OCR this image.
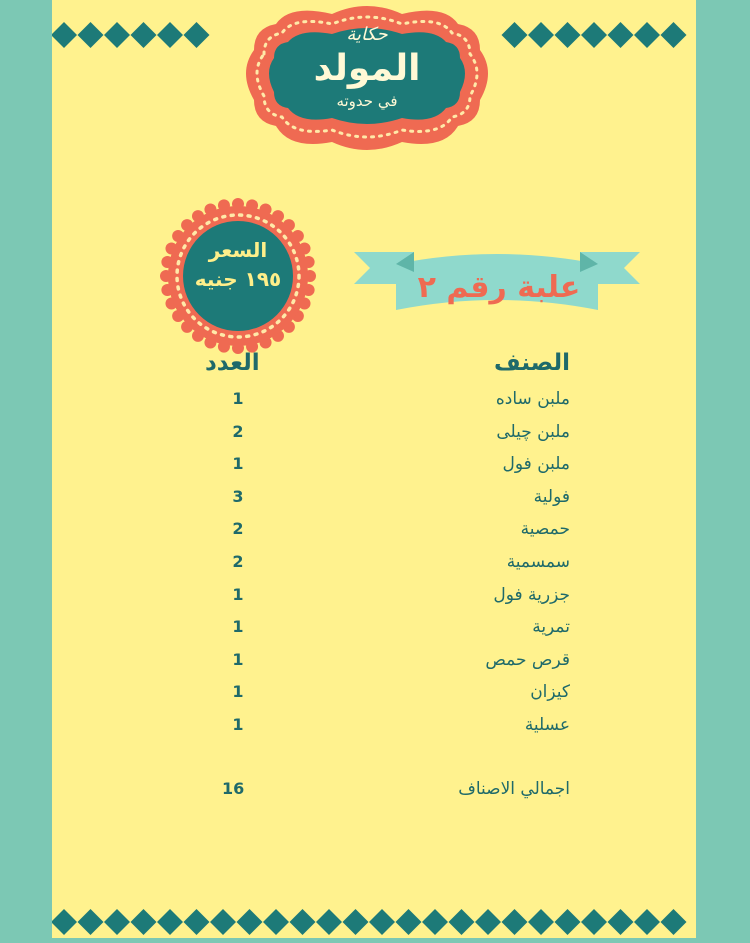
حكاية
المولد
في حدوته
السعر
١٩٥ جنيه	علبة رقم ٢
الصنف
العدد
ملبن ساده
1
ملبن چيلى
2
ملبن فول
1
فولية
3
حمصية
2
سمسمية
2
جزرية فول
1
تمرية
1
قرص حمص
1
كيزان
1
عسلية
1
اجمالي الاصناف
16
